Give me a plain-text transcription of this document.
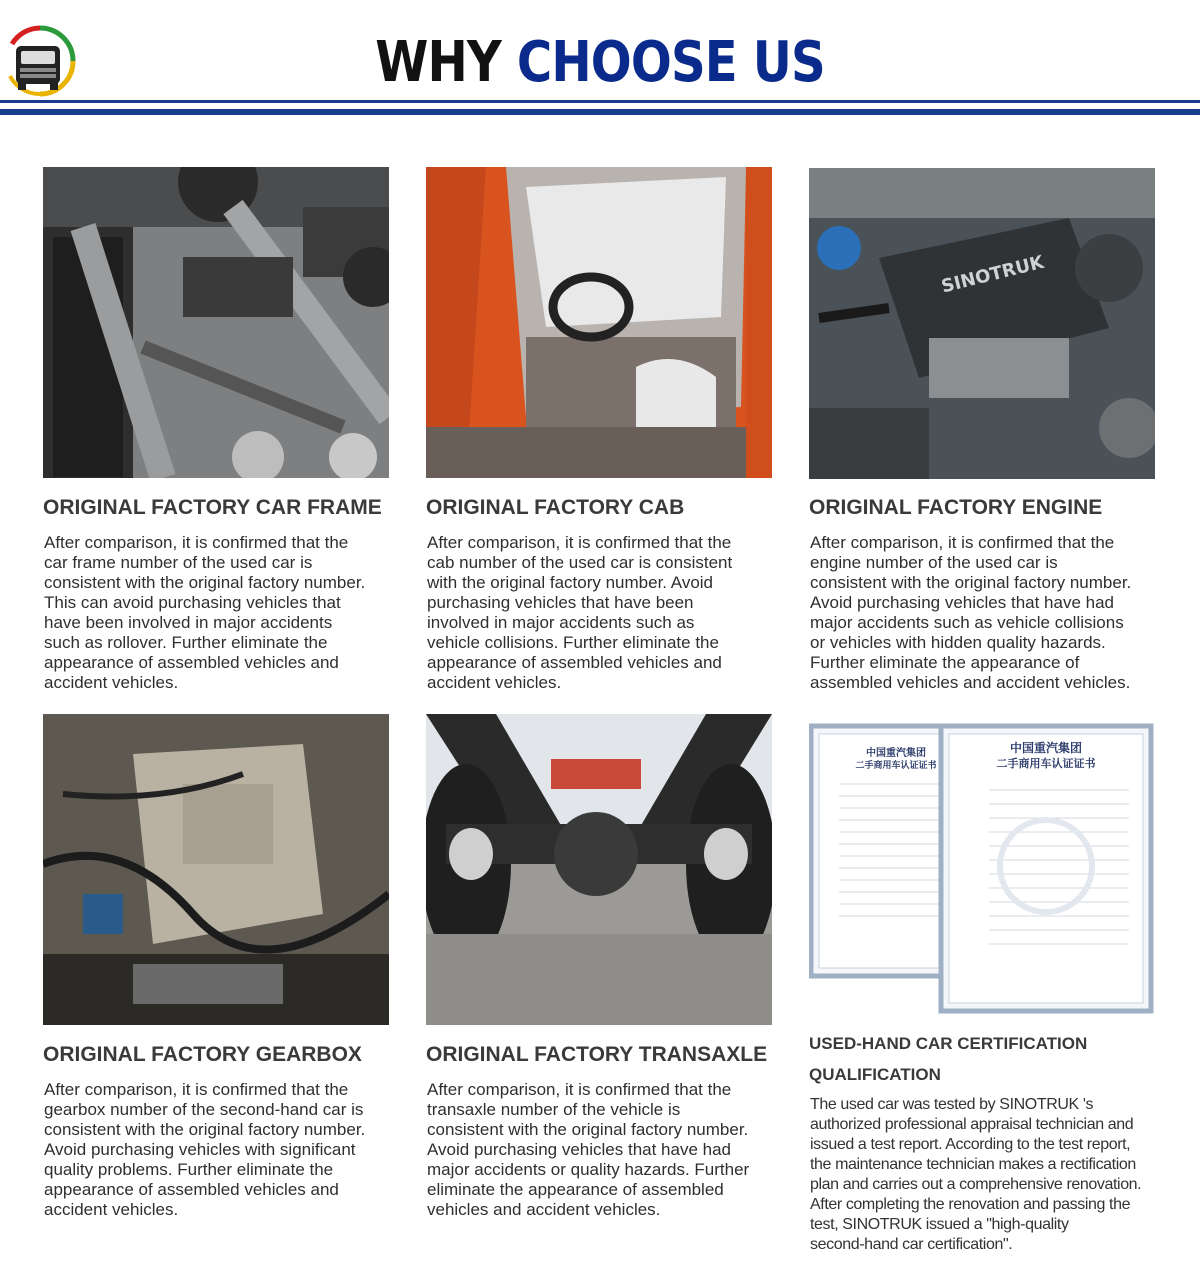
WHY CHOOSE US
ORIGINAL FACTORY CAR FRAME
After comparison, it is confirmed that the
car frame number of the used car is
consistent with the original factory number.
This can avoid purchasing vehicles that
have been involved in major accidents
such as rollover. Further eliminate the
appearance of assembled vehicles and
accident vehicles.
ORIGINAL FACTORY CAB
After comparison, it is confirmed that the
cab number of the used car is consistent
with the original factory number. Avoid
purchasing vehicles that have been
involved in major accidents such as
vehicle collisions. Further eliminate the
appearance of assembled vehicles and
accident vehicles.
SINOTRUK
ORIGINAL FACTORY ENGINE
After comparison, it is confirmed that the
engine number of the used car is
consistent with the original factory number.
Avoid purchasing vehicles that have had
major accidents such as vehicle collisions
or vehicles with hidden quality hazards.
Further eliminate the appearance of
assembled vehicles and accident vehicles.
ORIGINAL FACTORY GEARBOX
After comparison, it is confirmed that the
gearbox number of the second-hand car is
consistent with the original factory number.
Avoid purchasing vehicles with significant
quality problems. Further eliminate the
appearance of assembled vehicles and
accident vehicles.
ORIGINAL FACTORY TRANSAXLE
After comparison, it is confirmed that the
transaxle number of the vehicle is
consistent with the original factory number.
Avoid purchasing vehicles that have had
major accidents or quality hazards. Further
eliminate the appearance of assembled
vehicles and accident vehicles.
中国重汽集团
二手商用车认证证书
中国重汽集团
二手商用车认证证书
USED-HAND CAR CERTIFICATION QUALIFICATION
The used car was tested by SINOTRUK 's
authorized professional appraisal technician and
issued a test report. According to the test report,
the maintenance technician makes a rectification
plan and carries out a comprehensive renovation.
After completing the renovation and passing the
test, SINOTRUK issued a "high-quality
second-hand car certification".
